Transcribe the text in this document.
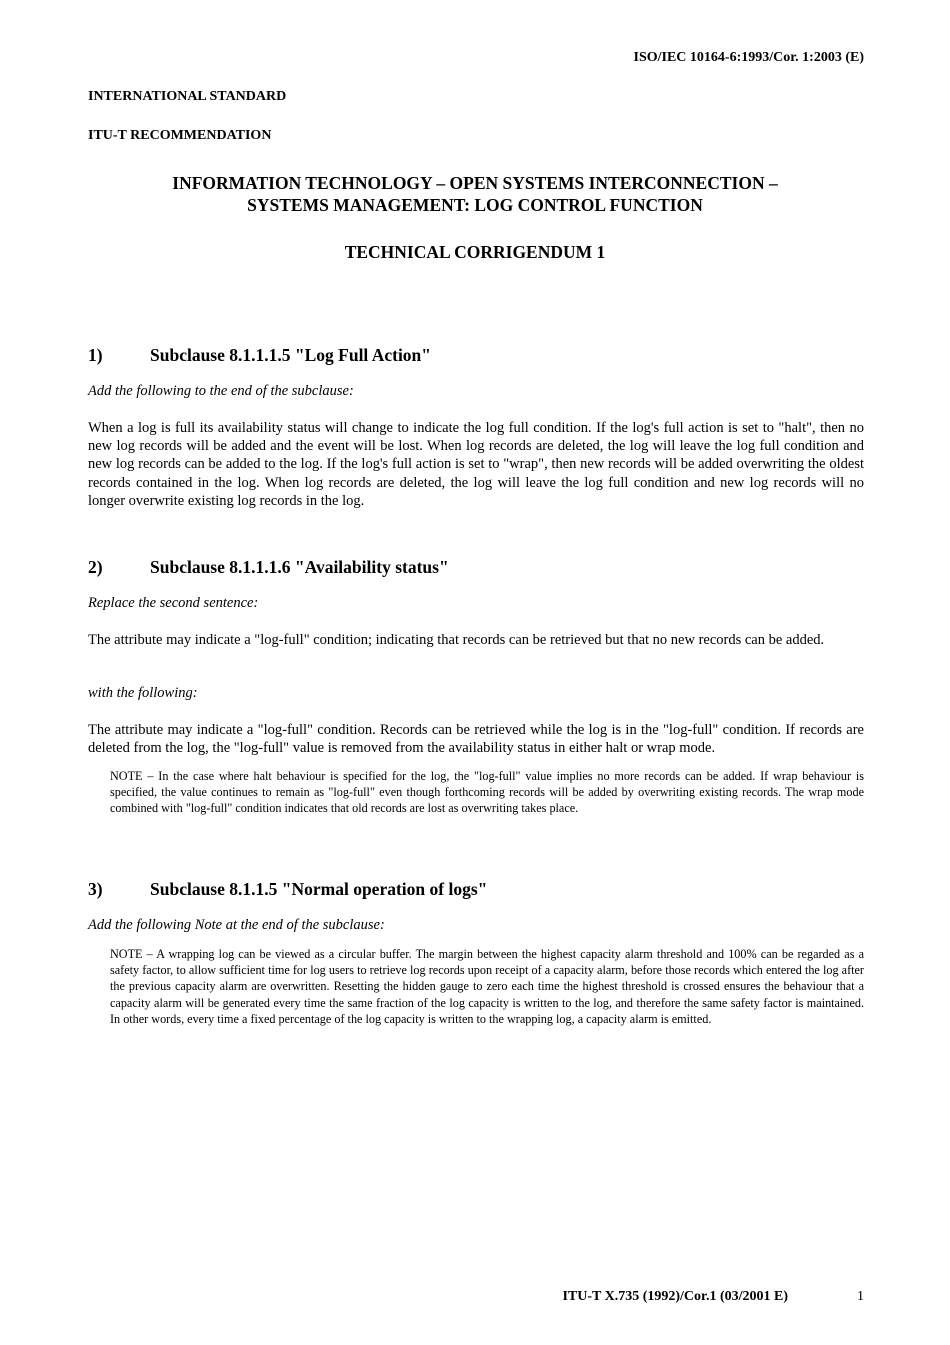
ISO/IEC 10164-6:1993/Cor. 1:2003 (E)
INTERNATIONAL STANDARD
ITU-T RECOMMENDATION
INFORMATION TECHNOLOGY – OPEN SYSTEMS INTERCONNECTION –
SYSTEMS MANAGEMENT: LOG CONTROL FUNCTION
TECHNICAL CORRIGENDUM 1
1)	Subclause 8.1.1.1.5 "Log Full Action"
Add the following to the end of the subclause:
When a log is full its availability status will change to indicate the log full condition. If the log's full action is set to "halt", then no new log records will be added and the event will be lost. When log records are deleted, the log will leave the log full condition and new log records can be added to the log. If the log's full action is set to "wrap", then new records will be added overwriting the oldest records contained in the log. When log records are deleted, the log will leave the log full condition and new log records will no longer overwrite existing log records in the log.
2)	Subclause 8.1.1.1.6 "Availability status"
Replace the second sentence:
The attribute may indicate a "log-full" condition; indicating that records can be retrieved but that no new records can be added.
with the following:
The attribute may indicate a "log-full" condition. Records can be retrieved while the log is in the "log-full" condition. If records are deleted from the log, the "log-full" value is removed from the availability status in either halt or wrap mode.
NOTE – In the case where halt behaviour is specified for the log, the "log-full" value implies no more records can be added. If wrap behaviour is specified, the value continues to remain as "log-full" even though forthcoming records will be added by overwriting existing records. The wrap mode combined with "log-full" condition indicates that old records are lost as overwriting takes place.
3)	Subclause 8.1.1.5 "Normal operation of logs"
Add the following Note at the end of the subclause:
NOTE – A wrapping log can be viewed as a circular buffer. The margin between the highest capacity alarm threshold and 100% can be regarded as a safety factor, to allow sufficient time for log users to retrieve log records upon receipt of a capacity alarm, before those records which entered the log after the previous capacity alarm are overwritten. Resetting the hidden gauge to zero each time the highest threshold is crossed ensures the behaviour that a capacity alarm will be generated every time the same fraction of the log capacity is written to the log, and therefore the same safety factor is maintained. In other words, every time a fixed percentage of the log capacity is written to the wrapping log, a capacity alarm is emitted.
ITU-T X.735 (1992)/Cor.1 (03/2001 E)	1
